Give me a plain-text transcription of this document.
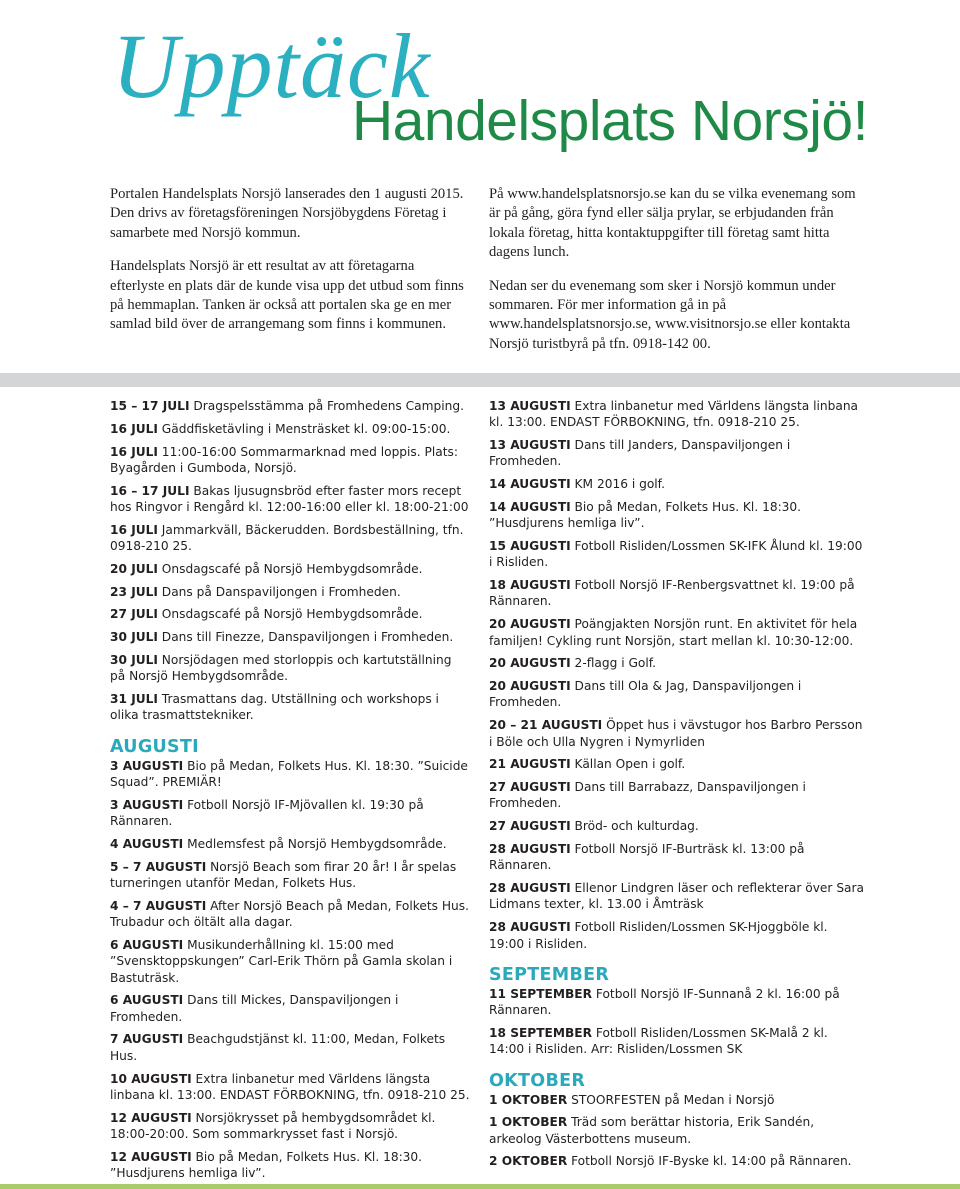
Upptäck
Handelsplats Norsjö!

Portalen Handelsplats Norsjö lanserades den 1 augusti 2015. Den drivs av företagsföreningen Norsjöbygdens Företag i samarbete med Norsjö kommun.

Handelsplats Norsjö är ett resultat av att företagarna efterlyste en plats där de kunde visa upp det utbud som finns på hemmaplan. Tanken är också att portalen ska ge en mer samlad bild över de arrangemang som finns i kommunen.

På www.handelsplatsnorsjo.se kan du se vilka evenemang som är på gång, göra fynd eller sälja prylar, se erbjudanden från lokala företag, hitta kontaktuppgifter till företag samt hitta dagens lunch.

Nedan ser du evenemang som sker i Norsjö kommun under sommaren. För mer information gå in på www.handelsplatsnorsjo.se, www.visitnorsjo.se eller kontakta Norsjö turistbyrå på tfn. 0918-142 00.

15 – 17 JULI Dragspelsstämma på Fromhedens Camping.
16 JULI Gäddfisketävling i Mensträsket kl. 09:00-15:00.
16 JULI 11:00-16:00 Sommarmarknad med loppis. Plats: Byagården i Gumboda, Norsjö.
16 – 17 JULI Bakas ljusugnsbröd efter faster mors recept hos Ringvor i Rengård kl. 12:00-16:00 eller kl. 18:00-21:00
16 JULI Jammarkväll, Bäckerudden. Bordsbeställning, tfn. 0918-210 25.
20 JULI Onsdagscafé på Norsjö Hembygdsområde.
23 JULI Dans på Danspaviljongen i Fromheden.
27 JULI Onsdagscafé på Norsjö Hembygdsområde.
30 JULI Dans till Finezze, Danspaviljongen i Fromheden.
30 JULI Norsjödagen med storloppis och kartutställning på Norsjö Hembygdsområde.
31 JULI Trasmattans dag. Utställning och workshops i olika trasmattstekniker.
AUGUSTI
3 AUGUSTI Bio på Medan, Folkets Hus. Kl. 18:30. ”Suicide Squad”. PREMIÄR!
3 AUGUSTI Fotboll Norsjö IF-Mjövallen kl. 19:30 på Rännaren.
4 AUGUSTI Medlemsfest på Norsjö Hembygdsområde.
5 – 7 AUGUSTI Norsjö Beach som firar 20 år! I år spelas turneringen utanför Medan, Folkets Hus.
4 – 7 AUGUSTI After Norsjö Beach på Medan, Folkets Hus. Trubadur och öltält alla dagar.
6 AUGUSTI Musikunderhållning kl. 15:00 med ”Svensktoppskungen” Carl-Erik Thörn på Gamla skolan i Bastuträsk.
6 AUGUSTI Dans till Mickes, Danspaviljongen i Fromheden.
7 AUGUSTI Beachgudstjänst kl. 11:00, Medan, Folkets Hus.
10 AUGUSTI Extra linbanetur med Världens längsta linbana kl. 13:00. ENDAST FÖRBOKNING, tfn. 0918-210 25.
12 AUGUSTI Norsjökrysset på hembygdsområdet kl. 18:00-20:00. Som sommarkrysset fast i Norsjö.
12 AUGUSTI Bio på Medan, Folkets Hus. Kl. 18:30. ”Husdjurens hemliga liv”.
13 AUGUSTI Extra linbanetur med Världens längsta linbana kl. 13:00. ENDAST FÖRBOKNING, tfn. 0918-210 25.
13 AUGUSTI Dans till Janders, Danspaviljongen i Fromheden.
14 AUGUSTI KM 2016 i golf.
14 AUGUSTI Bio på Medan, Folkets Hus. Kl. 18:30. ”Husdjurens hemliga liv”.
15 AUGUSTI Fotboll Risliden/Lossmen SK-IFK Ålund kl. 19:00 i Risliden.
18 AUGUSTI Fotboll Norsjö IF-Renbergsvattnet kl. 19:00 på Rännaren.
20 AUGUSTI Poängjakten Norsjön runt. En aktivitet för hela familjen! Cykling runt Norsjön, start mellan kl. 10:30-12:00.
20 AUGUSTI 2-flagg i Golf.
20 AUGUSTI Dans till Ola & Jag, Danspaviljongen i Fromheden.
20 – 21 AUGUSTI Öppet hus i vävstugor hos Barbro Persson i Böle och Ulla Nygren i Nymyrliden
21 AUGUSTI Källan Open i golf.
27 AUGUSTI Dans till Barrabazz, Danspaviljongen i Fromheden.
27 AUGUSTI Bröd- och kulturdag.
28 AUGUSTI Fotboll Norsjö IF-Burträsk kl. 13:00 på Rännaren.
28 AUGUSTI Ellenor Lindgren läser och reflekterar över Sara Lidmans texter, kl. 13.00 i Åmträsk
28 AUGUSTI Fotboll Risliden/Lossmen SK-Hjoggböle kl. 19:00 i Risliden.
SEPTEMBER
11 SEPTEMBER Fotboll Norsjö IF-Sunnanå 2 kl. 16:00 på Rännaren.
18 SEPTEMBER Fotboll Risliden/Lossmen SK-Malå 2 kl. 14:00 i Risliden. Arr: Risliden/Lossmen SK
OKTOBER
1 OKTOBER STOORFESTEN på Medan i Norsjö
1 OKTOBER Träd som berättar historia, Erik Sandén, arkeolog Västerbottens museum.
2 OKTOBER Fotboll Norsjö IF-Byske kl. 14:00 på Rännaren.
